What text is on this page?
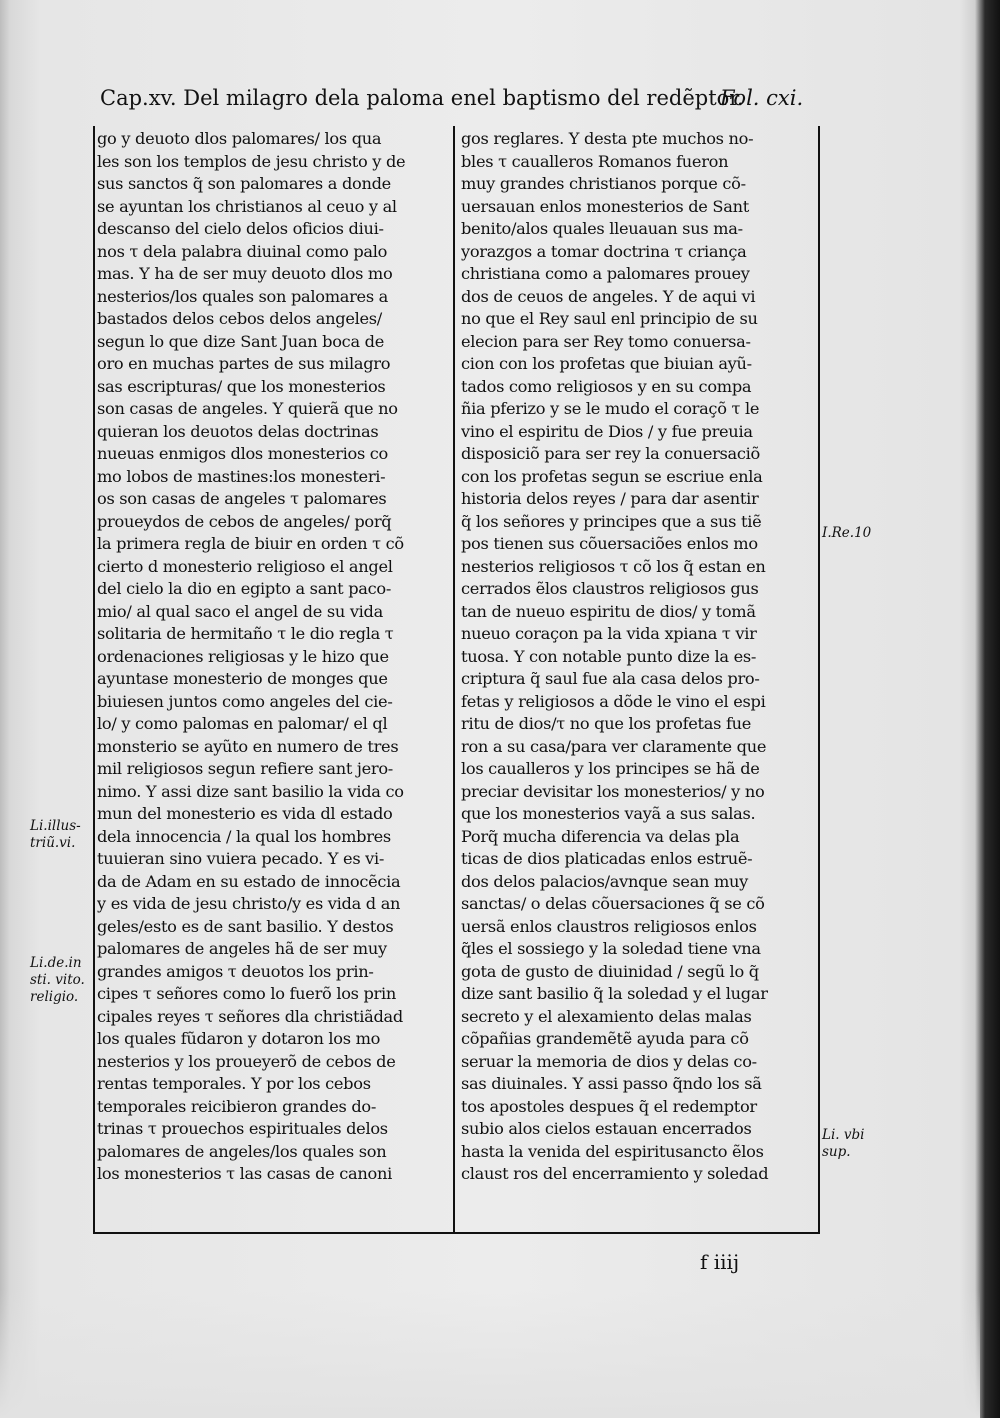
Cap.xv. Del milagro dela paloma enel baptismo del redẽptor.
Fol. cxi.
go y deuoto dlos palomares/ los qua
les son los templos de jesu christo y de
sus sanctos q̃ son palomares a donde
se ayuntan los christianos al ceuo y al
descanso del cielo delos oficios diui-
nos τ dela palabra diuinal como palo
mas. Y ha de ser muy deuoto dlos mo
nesterios/los quales son palomares a
bastados delos cebos delos angeles/
segun lo que dize Sant Juan boca de
oro en muchas partes de sus milagro
sas escripturas/ que los monesterios
son casas de angeles. Y quierã que no
quieran los deuotos delas doctrinas
nueuas enmigos dlos monesterios co
mo lobos de mastines:los monesteri-
os son casas de angeles τ palomares
proueydos de cebos de angeles/ porq̃
la primera regla de biuir en orden τ cõ
cierto d monesterio religioso el angel
del cielo la dio en egipto a sant paco-
mio/ al qual saco el angel de su vida
solitaria de hermitaño τ le dio regla τ
ordenaciones religiosas y le hizo que
ayuntase monesterio de monges que
biuiesen juntos como angeles del cie-
lo/ y como palomas en palomar/ el ql
monsterio se ayũto en numero de tres
mil religiosos segun refiere sant jero-
nimo. Y assi dize sant basilio la vida co
mun del monesterio es vida dl estado
dela innocencia / la qual los hombres
tuuieran sino vuiera pecado. Y es vi-
da de Adam en su estado de innocẽcia
y es vida de jesu christo/y es vida d an
geles/esto es de sant basilio. Y destos
palomares de angeles hã de ser muy
grandes amigos τ deuotos los prin-
cipes τ señores como lo fuerõ los prin
cipales reyes τ señores dla christiãdad
los quales fũdaron y dotaron los mo
nesterios y los proueyerõ de cebos de
rentas temporales. Y por los cebos
temporales reicibieron grandes do-
trinas τ prouechos espirituales delos
palomares de angeles/los quales son
los monesterios τ las casas de canoni
gos reglares. Y desta pte muchos no-
bles τ caualleros Romanos fueron
muy grandes christianos porque cõ-
uersauan enlos monesterios de Sant
benito/alos quales lleuauan sus ma-
yorazgos a tomar doctrina τ criança
christiana como a palomares prouey
dos de ceuos de angeles. Y de aqui vi
no que el Rey saul enl principio de su
elecion para ser Rey tomo conuersa-
cion con los profetas que biuian ayũ-
tados como religiosos y en su compa
ñia pferizo y se le mudo el coraçõ τ le
vino el espiritu de Dios / y fue preuia
disposiciõ para ser rey la conuersaciõ
con los profetas segun se escriue enla
historia delos reyes / para dar asentir
q̃ los señores y principes que a sus tiẽ
pos tienen sus cõuersaciões enlos mo
nesterios religiosos τ cõ los q̃ estan en
cerrados ẽlos claustros religiosos gus
tan de nueuo espiritu de dios/ y tomã
nueuo coraçon pa la vida xpiana τ vir
tuosa. Y con notable punto dize la es-
criptura q̃ saul fue ala casa delos pro-
fetas y religiosos a dõde le vino el espi
ritu de dios/τ no que los profetas fue
ron a su casa/para ver claramente que
los caualleros y los principes se hã de
preciar devisitar los monesterios/ y no
que los monesterios vayã a sus salas.
Porq̃ mucha diferencia va delas pla
ticas de dios platicadas enlos estruẽ-
dos delos palacios/avnque sean muy
sanctas/ o delas cõuersaciones q̃ se cõ
uersã enlos claustros religiosos enlos
q̃les el sossiego y la soledad tiene vna
gota de gusto de diuinidad / segũ lo q̃
dize sant basilio q̃ la soledad y el lugar
secreto y el alexamiento delas malas
cõpañias grandemẽtẽ ayuda para cõ
seruar la memoria de dios y delas co-
sas diuinales. Y assi passo q̃ndo los sã
tos apostoles despues q̃ el redemptor
subio alos cielos estauan encerrados
hasta la venida del espiritusancto ẽlos
claust ros del encerramiento y soledad
I.Re.10
Li.illus-
triũ.vi.
Li.de.in
sti. vito.
religio.
Li. vbi
sup.
f iiij
